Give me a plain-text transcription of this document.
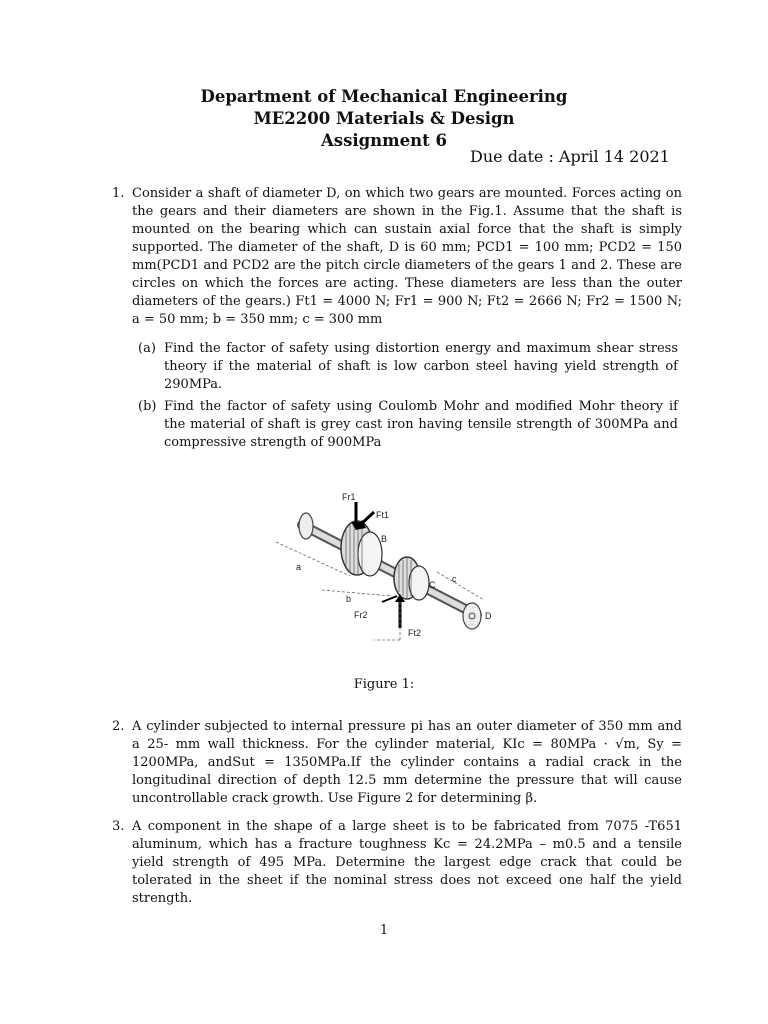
Department of Mechanical Engineering
ME2200 Materials & Design
Assignment 6
Due date : April 14 2021
1. Consider a shaft of diameter D, on which two gears are mounted. Forces acting on the gears and their diameters are shown in the Fig.1. Assume that the shaft is mounted on the bearing which can sustain axial force that the shaft is simply supported. The diameter of the shaft, D is 60 mm; PCD1 = 100 mm; PCD2 = 150 mm(PCD1 and PCD2 are the pitch circle diameters of the gears 1 and 2. These are circles on which the forces are acting. These diameters are less than the outer diameters of the gears.) Ft1 = 4000 N; Fr1 = 900 N; Ft2 = 2666 N; Fr2 = 1500 N; a = 50 mm; b = 350 mm; c = 300 mm
(a) Find the factor of safety using distortion energy and maximum shear stress theory if the material of shaft is low carbon steel having yield strength of 290MPa.
(b) Find the factor of safety using Coulomb Mohr and modified Mohr theory if the material of shaft is grey cast iron having tensile strength of 300MPa and compressive strength of 900MPa
Fr1
Ft1
Fr2
Ft2
a
b
c
B
C
D
Figure 1:
2. A cylinder subjected to internal pressure pi has an outer diameter of 350 mm and a 25- mm wall thickness. For the cylinder material, KIc = 80MPa · √m, Sy = 1200MPa, andSut = 1350MPa.If the cylinder contains a radial crack in the longitudinal direction of depth 12.5 mm determine the pressure that will cause uncontrollable crack growth. Use Figure 2 for determining β.
3. A component in the shape of a large sheet is to be fabricated from 7075 -T651 aluminum, which has a fracture toughness Kc = 24.2MPa – m0.5 and a tensile yield strength of 495 MPa. Determine the largest edge crack that could be tolerated in the sheet if the nominal stress does not exceed one half the yield strength.
1
